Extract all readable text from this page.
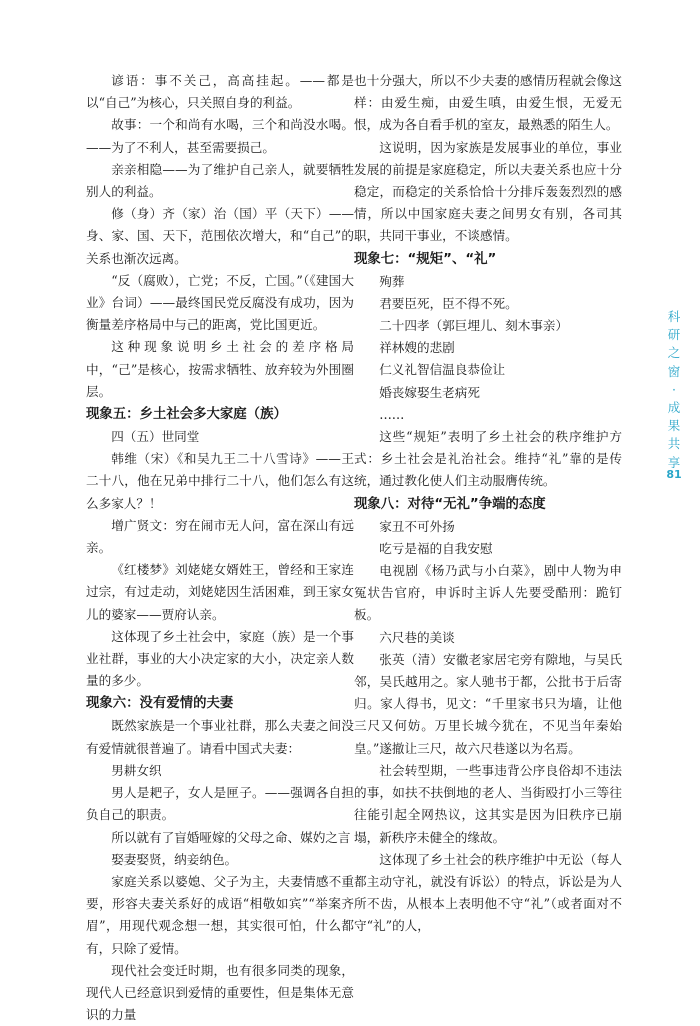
谚语：事不关己，高高挂起。——都是以“自己”为核心，只关照自身的利益。

故事：一个和尚有水喝，三个和尚没水喝。——为了不利人，甚至需要损己。

亲亲相隐——为了维护自己亲人，就要牺牲别人的利益。

修（身）齐（家）治（国）平（天下）——身、家、国、天下，范围依次增大，和“自己”的关系也渐次远离。

“反（腐败），亡党；不反，亡国。”（《建国大业》台词）——最终国民党反腐没有成功，因为衡量差序格局中与己的距离，党比国更近。

这种现象说明乡土社会的差序格局中，“己”是核心，按需求牺牲、放弃较为外围圈层。

现象五：乡土社会多大家庭（族）

四（五）世同堂

韩维（宋）《和吴九王二十八雪诗》——王二十八，他在兄弟中排行二十八，他们怎么有这么多家人？！

增广贤文：穷在闹市无人问，富在深山有远亲。

《红楼梦》刘姥姥女婿姓王，曾经和王家连过宗，有过走动，刘姥姥因生活困难，到王家女儿的婆家——贾府认亲。

这体现了乡土社会中，家庭（族）是一个事业社群，事业的大小决定家的大小，决定亲人数量的多少。

现象六：没有爱情的夫妻

既然家族是一个事业社群，那么夫妻之间没有爱情就很普遍了。请看中国式夫妻：

男耕女织

男人是耙子，女人是匣子。——强调各自担负自己的职责。

所以就有了盲婚哑嫁的父母之命、媒妁之言

娶妻娶贤，纳妾纳色。

家庭关系以婆媳、父子为主，夫妻情感不重要，形容夫妻关系好的成语“相敬如宾”“举案齐眉”，用现代观念想一想，其实很可怕，什么都有，只除了爱情。

现代社会变迁时期，也有很多同类的现象，现代人已经意识到爱情的重要性，但是集体无意识的力量

也十分强大，所以不少夫妻的感情历程就会像这样：由爱生痴，由爱生嗔，由爱生恨，无爱无恨，成为各自看手机的室友，最熟悉的陌生人。

这说明，因为家族是发展事业的单位，事业发展的前提是家庭稳定，所以夫妻关系也应十分稳定，而稳定的关系恰恰十分排斥轰轰烈烈的感情，所以中国家庭夫妻之间男女有别，各司其职，共同干事业，不谈感情。

现象七：“规矩”、“礼”

殉葬

君要臣死，臣不得不死。

二十四孝（郭巨埋儿、刻木事亲）

祥林嫂的悲剧

仁义礼智信温良恭俭让

婚丧嫁娶生老病死

……

这些“规矩”表明了乡土社会的秩序维护方式：乡土社会是礼治社会。维持“礼”靠的是传统，通过教化使人们主动服膺传统。

现象八：对待“无礼”争端的态度

家丑不可外扬

吃亏是福的自我安慰

电视剧《杨乃武与小白菜》，剧中人物为申冤状告官府，申诉时主诉人先要受酷刑：跪钉板。

六尺巷的美谈

张英（清）安徽老家居宅旁有隙地，与吴氏邻，吴氏越用之。家人驰书于都，公批书于后寄归。家人得书，见文：“千里家书只为墙，让他三尺又何妨。万里长城今犹在，不见当年秦始皇。”遂撤让三尺，故六尺巷遂以为名焉。

社会转型期，一些事违背公序良俗却不违法的事，如扶不扶倒地的老人、当街殴打小三等往往能引起全网热议，这其实是因为旧秩序已崩塌，新秩序未健全的缘故。

这体现了乡土社会的秩序维护中无讼（每人都主动守礼，就没有诉讼）的特点，诉讼是为人所不齿，从根本上表明他不守“礼”（或者面对不守“礼”的人，

科
研
之
窗
·
成
果
共
享
81
